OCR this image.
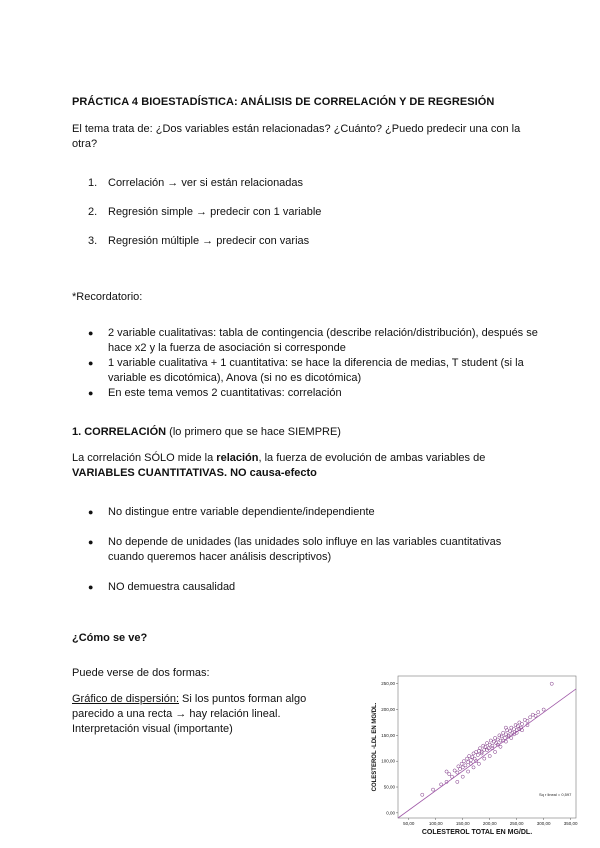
PRÁCTICA 4 BIOESTADÍSTICA: ANÁLISIS DE CORRELACIÓN Y DE REGRESIÓN
El tema trata de: ¿Dos variables están relacionadas? ¿Cuánto? ¿Puedo predecir una con la otra?
1. Correlación → ver si están relacionadas
2. Regresión simple → predecir con 1 variable
3. Regresión múltiple → predecir con varias
*Recordatorio:
●	2 variable cualitativas: tabla de contingencia (describe relación/distribución), después se hace x2 y la fuerza de asociación si corresponde
●	1 variable cualitativa + 1 cuantitativa: se hace la diferencia de medias, T student (si la variable es dicotómica), Anova (si no es dicotómica)
●	En este tema vemos 2 cuantitativas: correlación
1. CORRELACIÓN (lo primero que se hace SIEMPRE)
La correlación SÓLO mide la relación, la fuerza de evolución de ambas variables de VARIABLES CUANTITATIVAS. NO causa-efecto
●	No distingue entre variable dependiente/independiente
●	No depende de unidades (las unidades solo influye en las variables cuantitativas cuando queremos hacer análisis descriptivos)
●	NO demuestra causalidad
¿Cómo se ve?
Puede verse de dos formas:
Gráfico de dispersión: Si los puntos forman algo parecido a una recta → hay relación lineal. Interpretación visual (importante)
0,00
50,00
100,00
150,00
200,00
250,00
50,00	100,00	150,00	200,00	250,00	300,00	350,00
Sq r lineal = 0,597
COLESTEROL -LDL EN MG/DL.
COLESTEROL TOTAL EN MG/DL.
